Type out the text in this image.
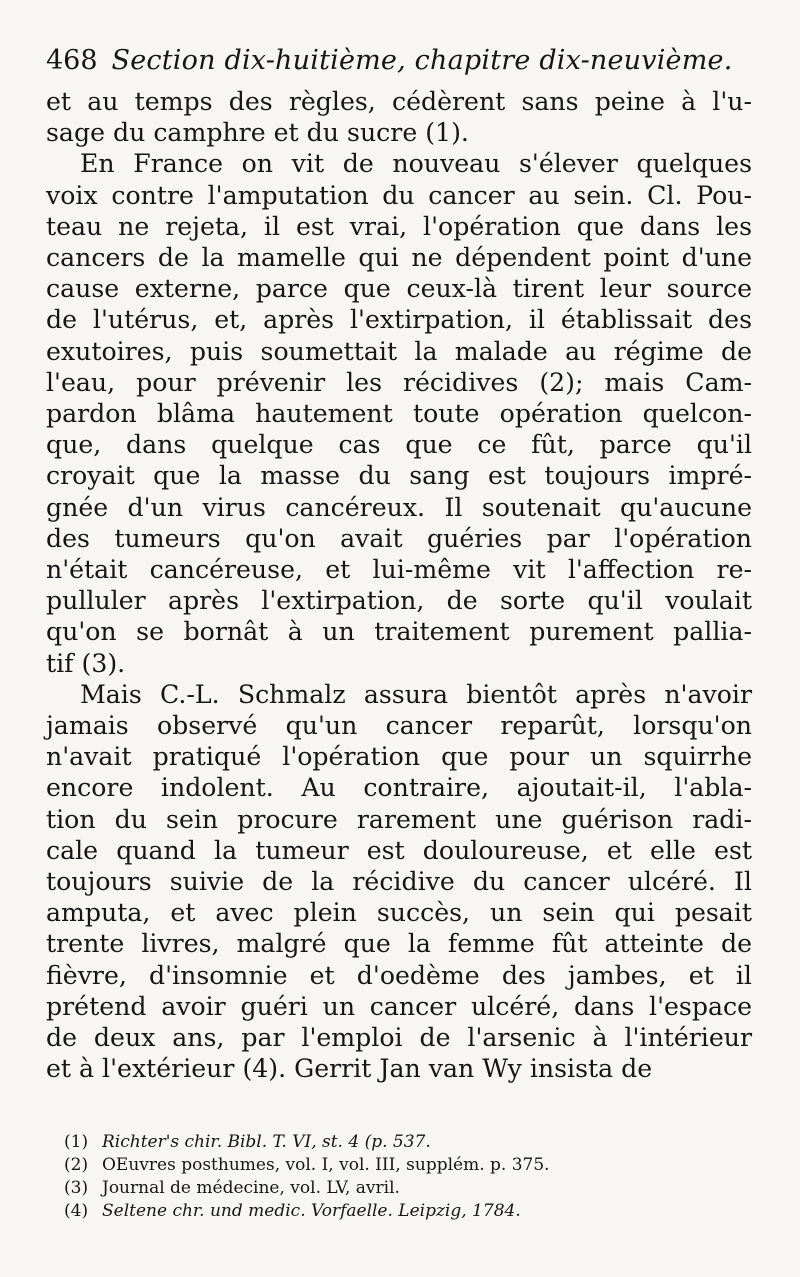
468 Section dix-huitième, chapitre dix-neuvième.
et au temps des règles, cédèrent sans peine à l'u-
sage du camphre et du sucre (1).
En France on vit de nouveau s'élever quelques
voix contre l'amputation du cancer au sein. Cl. Pou-
teau ne rejeta, il est vrai, l'opération que dans les
cancers de la mamelle qui ne dépendent point d'une
cause externe, parce que ceux-là tirent leur source
de l'utérus, et, après l'extirpation, il établissait des
exutoires, puis soumettait la malade au régime de
l'eau, pour prévenir les récidives (2); mais Cam-
pardon blâma hautement toute opération quelcon-
que, dans quelque cas que ce fût, parce qu'il
croyait que la masse du sang est toujours impré-
gnée d'un virus cancéreux. Il soutenait qu'aucune
des tumeurs qu'on avait guéries par l'opération
n'était cancéreuse, et lui-même vit l'affection re-
pulluler après l'extirpation, de sorte qu'il voulait
qu'on se bornât à un traitement purement pallia-
tif (3).
Mais C.-L. Schmalz assura bientôt après n'avoir
jamais observé qu'un cancer reparût, lorsqu'on
n'avait pratiqué l'opération que pour un squirrhe
encore indolent. Au contraire, ajoutait-il, l'abla-
tion du sein procure rarement une guérison radi-
cale quand la tumeur est douloureuse, et elle est
toujours suivie de la récidive du cancer ulcéré. Il
amputa, et avec plein succès, un sein qui pesait
trente livres, malgré que la femme fût atteinte de
fièvre, d'insomnie et d'oedème des jambes, et il
prétend avoir guéri un cancer ulcéré, dans l'espace
de deux ans, par l'emploi de l'arsenic à l'intérieur
et à l'extérieur (4). Gerrit Jan van Wy insista de
(1) Richter's chir. Bibl. T. VI, st. 4 (p. 537.
(2) OEuvres posthumes, vol. I, vol. III, supplém. p. 375.
(3) Journal de médecine, vol. LV, avril.
(4) Seltene chr. und medic. Vorfaelle. Leipzig, 1784.
